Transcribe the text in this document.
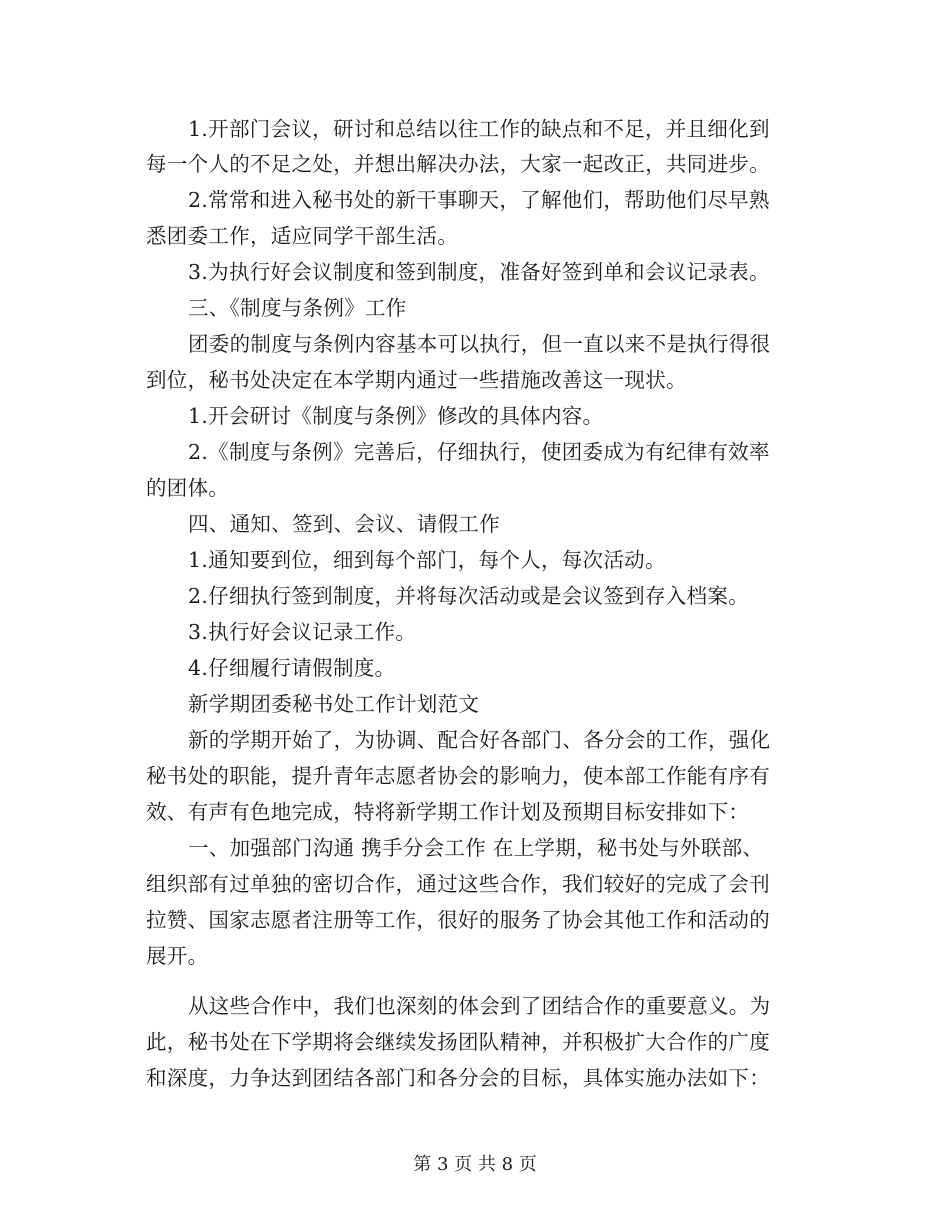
1.开部门会议，研讨和总结以往工作的缺点和不足，并且细化到
每一个人的不足之处，并想出解决办法，大家一起改正，共同进步。
2.常常和进入秘书处的新干事聊天，了解他们，帮助他们尽早熟
悉团委工作，适应同学干部生活。
3.为执行好会议制度和签到制度，准备好签到单和会议记录表。
三、《制度与条例》工作
团委的制度与条例内容基本可以执行，但一直以来不是执行得很
到位，秘书处决定在本学期内通过一些措施改善这一现状。
1.开会研讨《制度与条例》修改的具体内容。
2.《制度与条例》完善后，仔细执行，使团委成为有纪律有效率
的团体。
四、通知、签到、会议、请假工作
1.通知要到位，细到每个部门，每个人，每次活动。
2.仔细执行签到制度，并将每次活动或是会议签到存入档案。
3.执行好会议记录工作。
4.仔细履行请假制度。
新学期团委秘书处工作计划范文
新的学期开始了，为协调、配合好各部门、各分会的工作，强化
秘书处的职能，提升青年志愿者协会的影响力，使本部工作能有序有
效、有声有色地完成，特将新学期工作计划及预期目标安排如下：
一、加强部门沟通 携手分会工作 在上学期，秘书处与外联部、
组织部有过单独的密切合作，通过这些合作，我们较好的完成了会刊
拉赞、国家志愿者注册等工作，很好的服务了协会其他工作和活动的
展开。
从这些合作中，我们也深刻的体会到了团结合作的重要意义。为
此，秘书处在下学期将会继续发扬团队精神，并积极扩大合作的广度
和深度，力争达到团结各部门和各分会的目标，具体实施办法如下：
第 3 页 共 8 页
